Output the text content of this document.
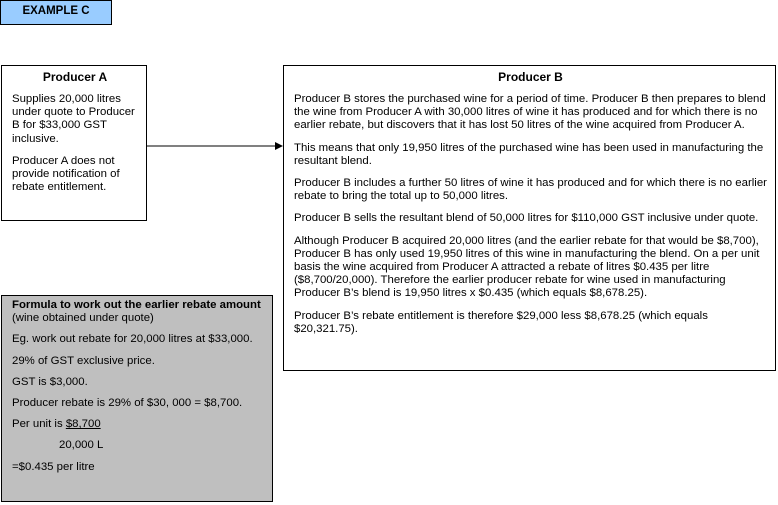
EXAMPLE C
Producer A

Supplies 20,000 litres under quote to Producer B for $33,000 GST inclusive.

Producer A does not provide notification of rebate entitlement.

Producer B

Producer B stores the purchased wine for a period of time. Producer B then prepares to blend the wine from Producer A with 30,000 litres of wine it has produced and for which there is no earlier rebate, but discovers that it has lost 50 litres of the wine acquired from Producer A.

This means that only 19,950 litres of the purchased wine has been used in manufacturing the resultant blend.

Producer B includes a further 50 litres of wine it has produced and for which there is no earlier rebate to bring the total up to 50,000 litres.

Producer B sells the resultant blend of 50,000 litres for $110,000 GST inclusive under quote.

Although Producer B acquired 20,000 litres (and the earlier rebate for that would be $8,700), Producer B has only used 19,950 litres of this wine in manufacturing the blend. On a per unit basis the wine acquired from Producer A attracted a rebate of litres $0.435 per litre ($8,700/20,000). Therefore the earlier producer rebate for wine used in manufacturing Producer B’s blend is 19,950 litres x $0.435 (which equals $8,678.25).

Producer B’s rebate entitlement is therefore $29,000 less $8,678.25 (which equals $20,321.75).

Formula to work out the earlier rebate amount (wine obtained under quote)

Eg. work out rebate for 20,000 litres at $33,000.

29% of GST exclusive price.

GST is $3,000.

Producer rebate is 29% of $30, 000 = $8,700.

Per unit is $8,700

20,000 L

=$0.435 per litre
